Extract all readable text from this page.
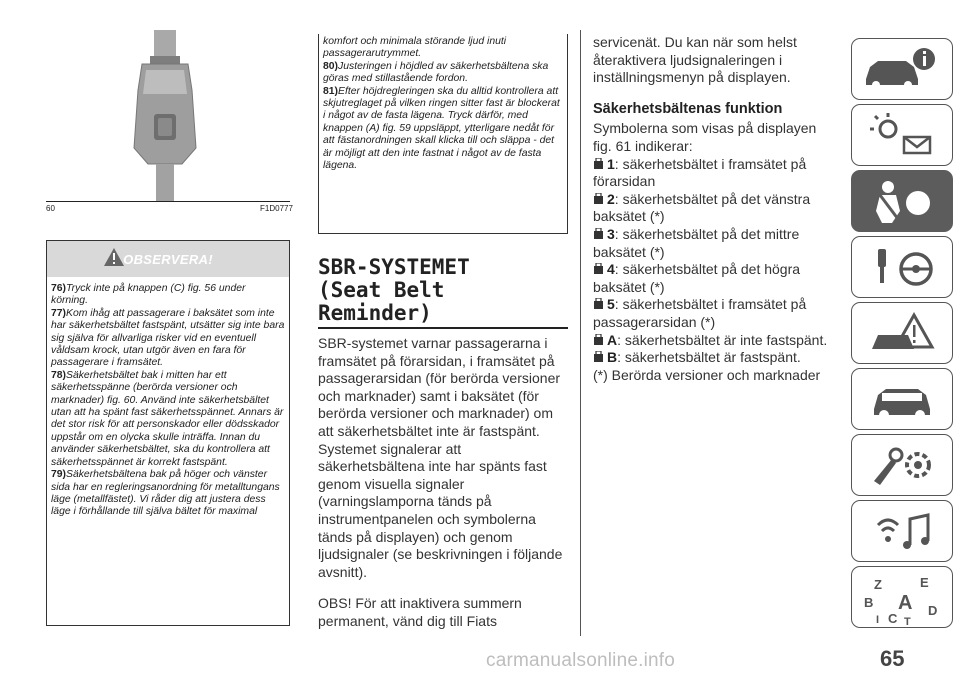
60	F1D0777
OBSERVERA!

76)Tryck inte på knappen (C) fig. 56 under körning.

77)Kom ihåg att passagerare i baksätet som inte har säkerhetsbältet fastspänt, utsätter sig inte bara sig själva för allvarliga risker vid en eventuell våldsam krock, utan utgör även en fara för passagerare i framsätet.

78)Säkerhetsbältet bak i mitten har ett säkerhetsspänne (berörda versioner och marknader) fig. 60. Använd inte säkerhetsbältet utan att ha spänt fast säkerhetsspännet. Annars är det stor risk för att personskador eller dödsskador uppstår om en olycka skulle inträffa. Innan du använder säkerhetsbältet, ska du kontrollera att säkerhetsspännet är korrekt fastspänt.

79)Säkerhetsbältena bak på höger och vänster sida har en regleringsanordning för metalltungans läge (metallfästet). Vi råder dig att justera dess läge i förhållande till själva bältet för maximal

komfort och minimala störande ljud inuti passagerarutrymmet.

80)Justeringen i höjdled av säkerhetsbältena ska göras med stillastående fordon.

81)Efter höjdregleringen ska du alltid kontrollera att skjutreglaget på vilken ringen sitter fast är blockerat i något av de fasta lägena. Tryck därför, med knappen (A) fig. 59 uppsläppt, ytterligare nedåt för att fästanordningen skall klicka till och släppa - det är möjligt att den inte fastnat i något av de fasta lägena.

SBR-SYSTEMET
(Seat Belt
Reminder)

SBR-systemet varnar passagerarna i framsätet på förarsidan, i framsätet på passagerarsidan (för berörda versioner och marknader) samt i baksätet (för berörda versioner och marknader) om att säkerhetsbältet inte är fastspänt. Systemet signalerar att säkerhetsbältena inte har spänts fast genom visuella signaler (varningslamporna tänds på instrumentpanelen och symbolerna tänds på displayen) och genom ljudsignaler (se beskrivningen i följande avsnitt).

OBS! För att inaktivera summern permanent, vänd dig till Fiats

servicenät. Du kan när som helst återaktivera ljudsignaleringen i inställningsmenyn på displayen.

Säkerhetsbältenas funktion

Symbolerna som visas på displayen fig. 61 indikerar:

1: säkerhetsbältet i framsätet på förarsidan

2: säkerhetsbältet på det vänstra baksätet (*)

3: säkerhetsbältet på det mittre baksätet (*)

4: säkerhetsbältet på det högra baksätet (*)

5: säkerhetsbältet i framsätet på passagerarsidan (*)

A: säkerhetsbältet är inte fastspänt.

B: säkerhetsbältet är fastspänt.

(*) Berörda versioner och marknader

Z	E
B A
C
D
I T
65
carmanualsonline.info
